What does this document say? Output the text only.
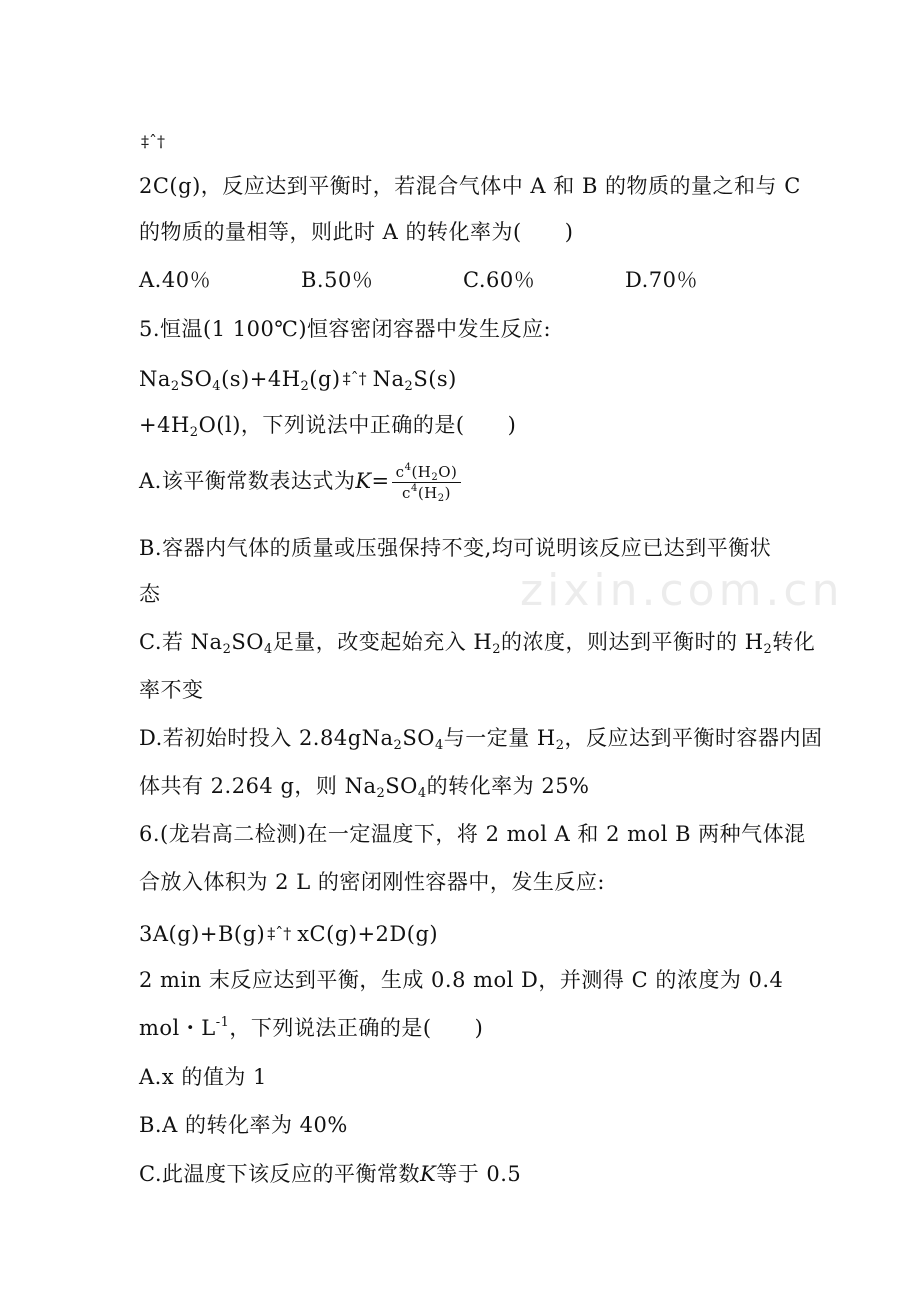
‡ˆ†
2C(g)，反应达到平衡时，若混合气体中 A 和 B 的物质的量之和与 C
的物质的量相等，则此时 A 的转化率为(　　)
A.40％	B.50％	C.60％	D.70％
5.恒温(1 100℃)恒容密闭容器中发生反应:
$Na_2SO_4(s)+4H_2(g)$ ‡ˆ† $Na_2S(s)$
$+4H_2O(l)$，下列说法中正确的是(　　)
A.该平衡常数表达式为$K= \frac{c^4(H_2O)}{c^4(H_2)}$
B.容器内气体的质量或压强保持不变,均可说明该反应已达到平衡状
态
C.若 $Na_2SO_4$足量，改变起始充入 $H_2$的浓度，则达到平衡时的 $H_2$转化
率不变
D.若初始时投入 $2.84gNa_2SO_4$与一定量 $H_2$，反应达到平衡时容器内固
体共有 2.264 g，则 $Na_2SO_4$的转化率为 25%
6.(龙岩高二检测)在一定温度下，将 2 mol A 和 2 mol B 两种气体混
合放入体积为 2 L 的密闭刚性容器中，发生反应:
3A(g)+B(g) ‡ˆ† xC(g)+2D(g)
2 min 末反应达到平衡，生成 0.8 mol D，并测得 C 的浓度为 0.4
mol・$L^{-1}$，下列说法正确的是(　　)
A.x 的值为 1
B.A 的转化率为 40%
C.此温度下该反应的平衡常数K等于 0.5
zixin.com.cn
